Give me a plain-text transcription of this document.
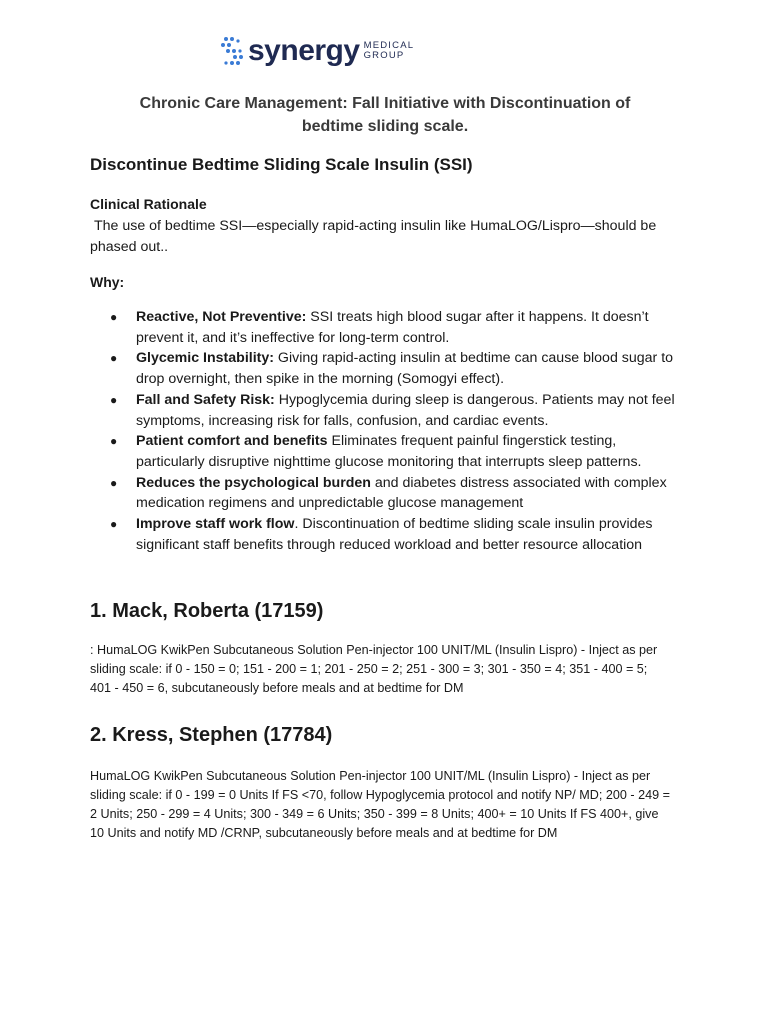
synergy MEDICAL
GROUP
Chronic Care Management: Fall Initiative with Discontinuation of
bedtime sliding scale.
Discontinue Bedtime Sliding Scale Insulin (SSI)
Clinical Rationale
The use of bedtime SSI—especially rapid-acting insulin like HumaLOG/Lispro—should be phased out..
Why:
● Reactive, Not Preventive: SSI treats high blood sugar after it happens. It doesn’t prevent it, and it’s ineffective for long-term control.
● Glycemic Instability: Giving rapid-acting insulin at bedtime can cause blood sugar to drop overnight, then spike in the morning (Somogyi effect).
● Fall and Safety Risk: Hypoglycemia during sleep is dangerous. Patients may not feel symptoms, increasing risk for falls, confusion, and cardiac events.
● Patient comfort and benefits Eliminates frequent painful fingerstick testing, particularly disruptive nighttime glucose monitoring that interrupts sleep patterns.
● Reduces the psychological burden and diabetes distress associated with complex medication regimens and unpredictable glucose management
● Improve staff work flow. Discontinuation of bedtime sliding scale insulin provides significant staff benefits through reduced workload and better resource allocation
1. Mack, Roberta (17159)
: HumaLOG KwikPen Subcutaneous Solution Pen-injector 100 UNIT/ML (Insulin Lispro) - Inject as per sliding scale: if 0 - 150 = 0; 151 - 200 = 1; 201 - 250 = 2; 251 - 300 = 3; 301 - 350 = 4; 351 - 400 = 5; 401 - 450 = 6, subcutaneously before meals and at bedtime for DM
2. Kress, Stephen (17784)
HumaLOG KwikPen Subcutaneous Solution Pen-injector 100 UNIT/ML (Insulin Lispro) - Inject as per sliding scale: if 0 - 199 = 0 Units If FS <70, follow Hypoglycemia protocol and notify NP/ MD; 200 - 249 = 2 Units; 250 - 299 = 4 Units; 300 - 349 = 6 Units; 350 - 399 = 8 Units; 400+ = 10 Units If FS 400+, give 10 Units and notify MD /CRNP, subcutaneously before meals and at bedtime for DM
